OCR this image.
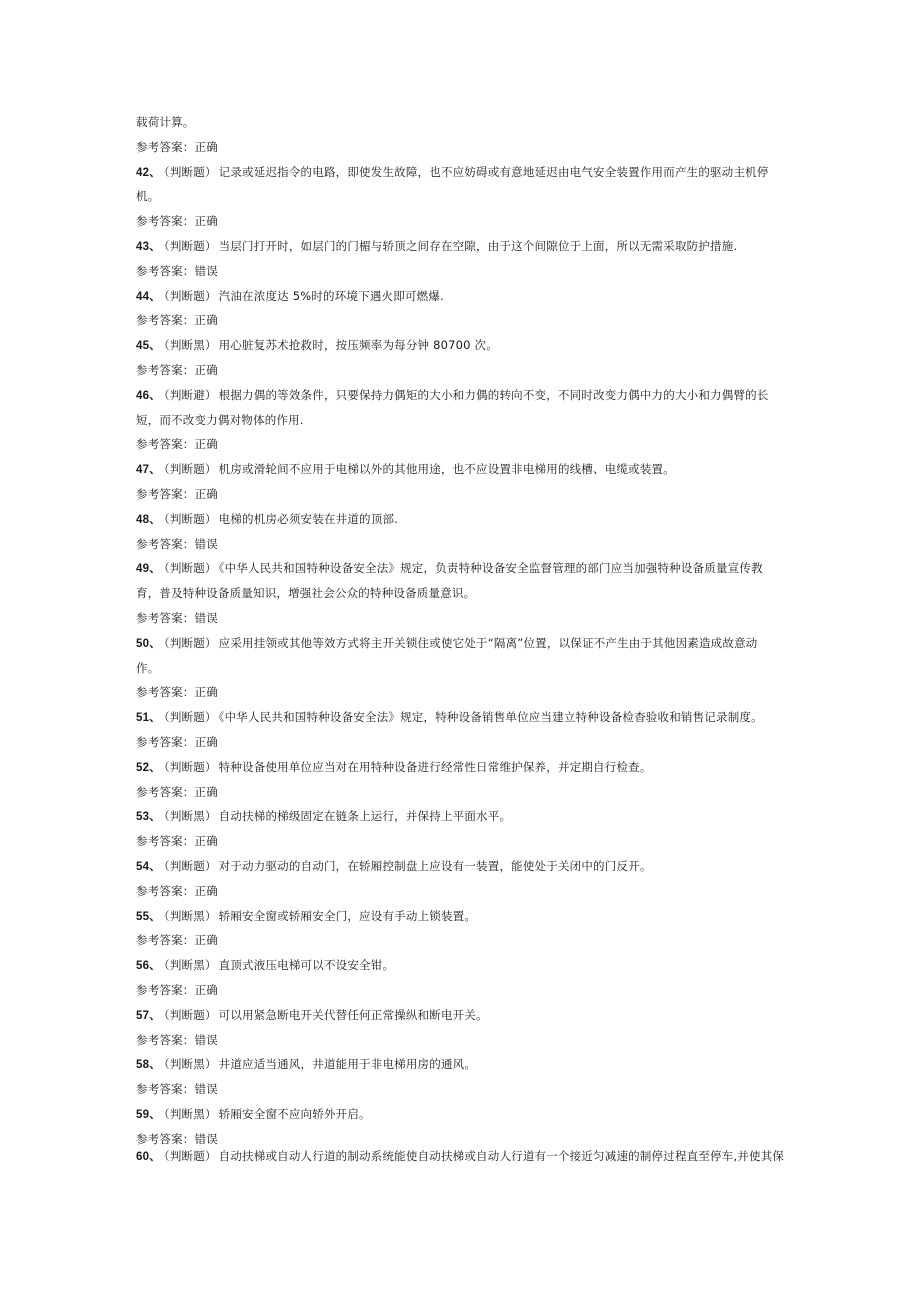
载荷计算。
参考答案：正确
42、 （判断题） 记录或延迟指令的电路，即使发生故障，也不应妨碍或有意地延迟由电气安全装置作用而产生的驱动主机停
机。
参考答案：正确
43、 （判断题） 当层门打开时，如层门的门楣与轿顶之间存在空隙，由于这个间隙位于上面，所以无需采取防护措施.
参考答案：错误
44、 （判断题） 汽油在浓度达 5%时的环境下遇火即可燃爆.
参考答案：正确
45、 （判断黑） 用心脏复苏术抢救时，按压频率为每分钟 80700 次。
参考答案：正确
46、 （判断避） 根据力偶的等效条件，只要保持力偶矩的大小和力偶的转向不变，不同时改变力偶中力的大小和力偶臂的长
短，而不改变力偶对物体的作用.
参考答案：正确
47、 （判断题） 机房或滑轮间不应用于电梯以外的其他用途，也不应设置非电梯用的线槽、电缆或装置。
参考答案：正确
48、 （判断题） 电梯的机房必须安装在井道的顶部.
参考答案：错误
49、 （判断题） 《中华人民共和国特种设备安全法》规定，负责特种设备安全监督管理的部门应当加强特种设备质量宣传教
育，普及特种设备质量知识，增强社会公众的特种设备质量意识。
参考答案：错误
50、 （判断题） 应采用挂领或其他等效方式将主开关锁住或使它处于“隔离”位置，以保证不产生由于其他因素造成故意动
作。
参考答案：正确
51、 （判断题） 《中华人民共和国特种设备安全法》规定，特种设备销售单位应当建立特种设备检杳验收和销售记录制度。
参考答案：正确
52、 （判断题） 特种设备使用单位应当对在用特种设备进行经常性日常维护保养，并定期自行检查。
参考答案：正确
53、 （判断黑） 自动扶梯的梯级固定在链条上运行，并保持上平面水平。
参考答案：正确
54、 （判断题） 对于动力驱动的自动门，在轿厢控制盘上应设有一装置，能使处于关闭中的门反开。
参考答案：正确
55、 （判断黑） 轿厢安全窗或轿厢安全门，应设有手动上锁装置。
参考答案：正确
56、 （判断黑） 直顶式液压电梯可以不设安全钳。
参考答案：正确
57、 （判断题） 可以用紧急断电开关代替任何正常操纵和断电开关。
参考答案：错误
58、 （判断黑） 井道应适当通风，井道能用于非电梯用房的通风。
参考答案：错误
59、 （判断黑） 轿厢安全窗不应向轿外开启。
参考答案：错误
60、 （判断题） 自动扶梯或自动人行道的制动系统能使自动扶梯或自动人行道有一个接近匀减速的制停过程直至停车,并使其保
